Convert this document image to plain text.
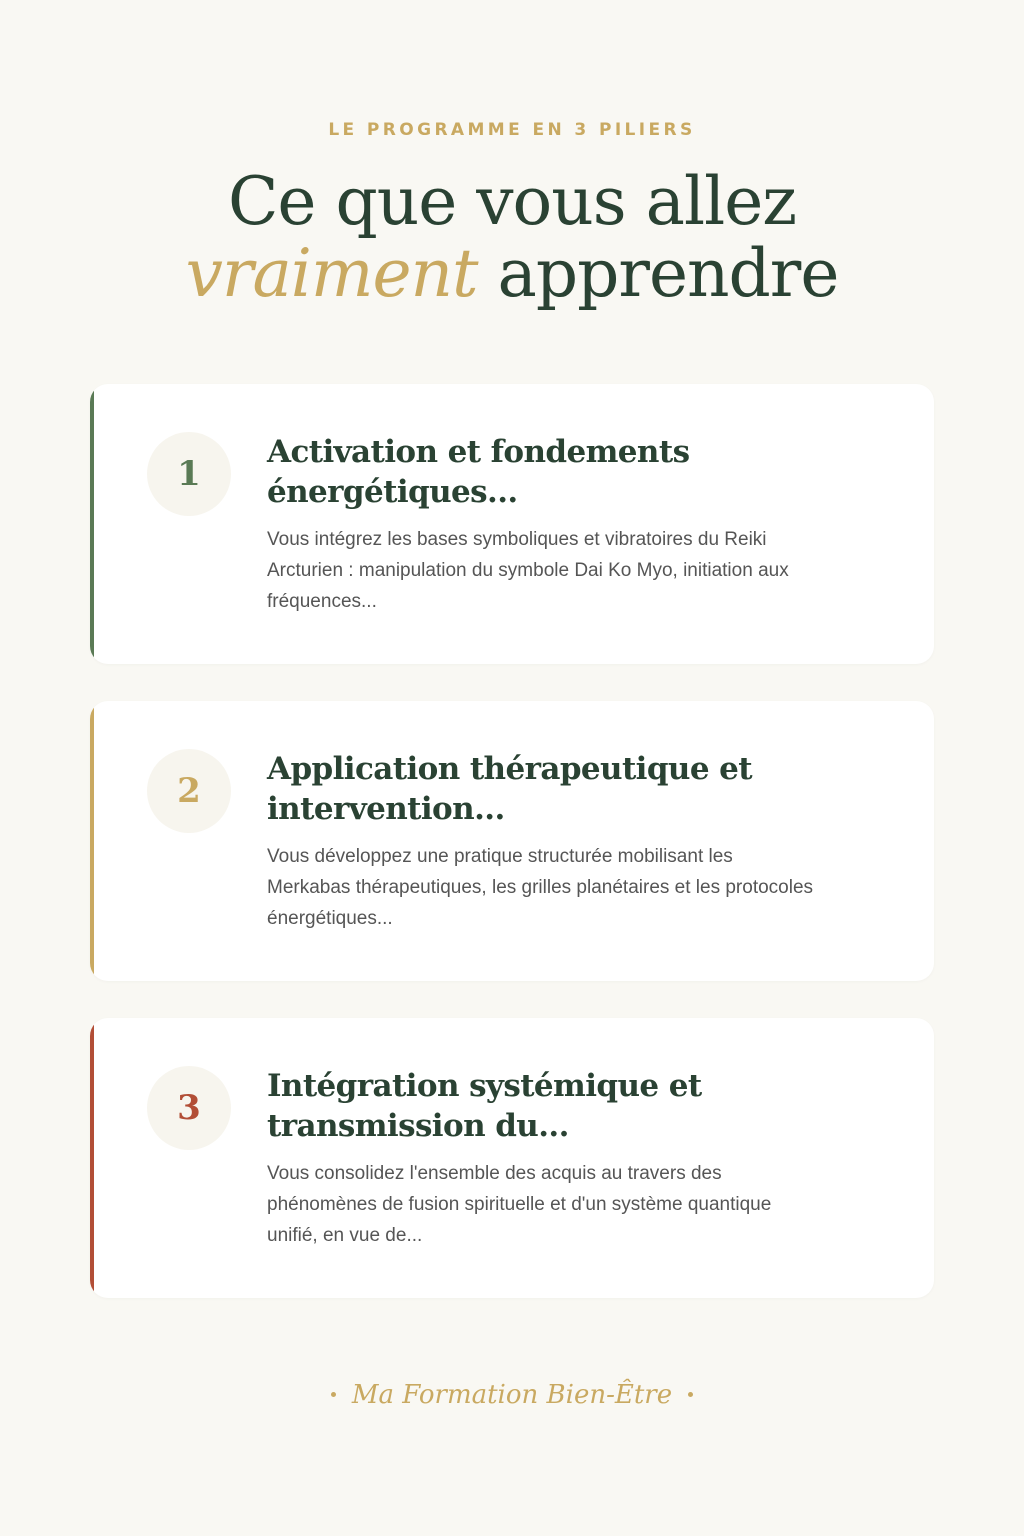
LE PROGRAMME EN 3 PILIERS
Ce que vous allez
vraiment apprendre
1
Activation et fondements
énergétiques...

Vous intégrez les bases symboliques et vibratoires du Reiki
Arcturien : manipulation du symbole Dai Ko Myo, initiation aux
fréquences...

2
Application thérapeutique et
intervention...

Vous développez une pratique structurée mobilisant les
Merkabas thérapeutiques, les grilles planétaires et les protocoles
énergétiques...

3
Intégration systémique et
transmission du...

Vous consolidez l'ensemble des acquis au travers des
phénomènes de fusion spirituelle et d'un système quantique
unifié, en vue de...

Ma Formation Bien-Être
